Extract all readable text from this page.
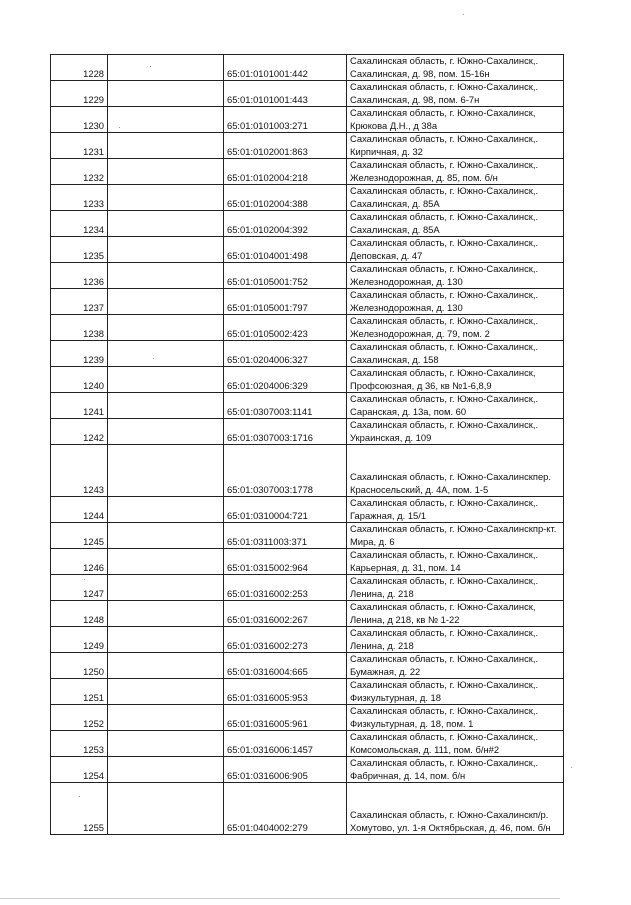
1228		65:01:0101001:442	Сахалинская область, г. Южно-Сахалинск,.
Сахалинская, д. 98, пом. 15-16н

1229		65:01:0101001:443	Сахалинская область, г. Южно-Сахалинск,.
Сахалинская, д. 98, пом. 6-7н

1230		65:01:0101003:271	Сахалинская область, г. Южно-Сахалинск,
Крюкова Д.Н., д 38а

1231		65:01:0102001:863	Сахалинская область, г. Южно-Сахалинск,.
Кирпичная, д. 32

1232		65:01:0102004:218	Сахалинская область, г. Южно-Сахалинск,.
Железнодорожная, д. 85, пом. б/н

1233		65:01:0102004:388	Сахалинская область, г. Южно-Сахалинск,.
Сахалинская, д. 85А

1234		65:01:0102004:392	Сахалинская область, г. Южно-Сахалинск,.
Сахалинская, д. 85А

1235		65:01:0104001:498	Сахалинская область, г. Южно-Сахалинск,.
Деповская, д. 47

1236		65:01:0105001:752	Сахалинская область, г. Южно-Сахалинск,.
Железнодорожная, д. 130

1237		65:01:0105001:797	Сахалинская область, г. Южно-Сахалинск,.
Железнодорожная, д. 130

1238		65:01:0105002:423	Сахалинская область, г. Южно-Сахалинск,.
Железнодорожная, д. 79, пом. 2

1239		65:01:0204006:327	Сахалинская область, г. Южно-Сахалинск,.
Сахалинская, д. 158

1240		65:01:0204006:329	Сахалинская область, г. Южно-Сахалинск,
Профсоюзная, д 36, кв №1-6,8,9

1241		65:01:0307003:1141	Сахалинская область, г. Южно-Сахалинск,.
Саранская, д. 13а, пом. 60

1242		65:01:0307003:1716	Сахалинская область, г. Южно-Сахалинск,.
Украинская, д. 109

1243		65:01:0307003:1778	Сахалинская область, г. Южно-Сахалинскпер.
Красносельский, д. 4А, пом. 1-5

1244		65:01:0310004:721	Сахалинская область, г. Южно-Сахалинск,.
Гаражная, д. 15/1

1245		65:01:0311003:371	Сахалинская область, г. Южно-Сахалинскпр-кт.
Мира, д. 6

1246		65:01:0315002:964	Сахалинская область, г. Южно-Сахалинск,.
Карьерная, д. 31, пом. 14

1247		65:01:0316002:253	Сахалинская область, г. Южно-Сахалинск,.
Ленина, д. 218

1248		65:01:0316002:267	Сахалинская область, г. Южно-Сахалинск,
Ленина, д 218, кв № 1-22

1249		65:01:0316002:273	Сахалинская область, г. Южно-Сахалинск,.
Ленина, д. 218

1250		65:01:0316004:665	Сахалинская область, г. Южно-Сахалинск,.
Бумажная, д. 22

1251		65:01:0316005:953	Сахалинская область, г. Южно-Сахалинск,.
Физкультурная, д. 18

1252		65:01:0316005:961	Сахалинская область, г. Южно-Сахалинск,.
Физкультурная, д. 18, пом. 1

1253		65:01:0316006:1457	Сахалинская область, г. Южно-Сахалинск,.
Комсомольская, д. 111, пом. б/н#2

1254		65:01:0316006:905	Сахалинская область, г. Южно-Сахалинск,.
Фабричная, д. 14, пом. б/н

1255		65:01:0404002:279	Сахалинская область, г. Южно-Сахалинскп/р.
Хомутово, ул. 1-я Октябрьская, д. 46, пом. б/н
